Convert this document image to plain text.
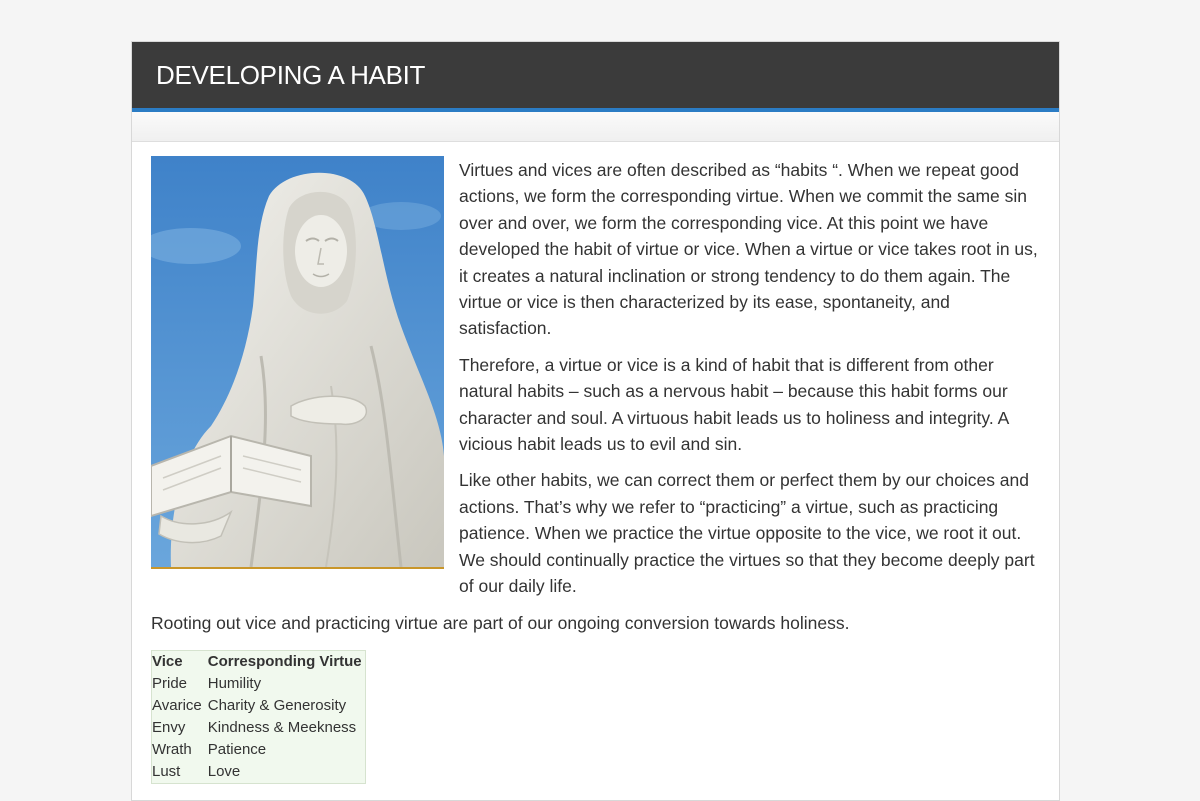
DEVELOPING A HABIT

Virtues and vices are often described as “habits “. When we repeat good actions, we form the corresponding virtue. When we commit the same sin over and over, we form the corresponding vice. At this point we have developed the habit of virtue or vice. When a virtue or vice takes root in us, it creates a natural inclination or strong tendency to do them again. The virtue or vice is then characterized by its ease, spontaneity, and satisfaction.

Therefore, a virtue or vice is a kind of habit that is different from other natural habits – such as a nervous habit – because this habit forms our character and soul. A virtuous habit leads us to holiness and integrity. A vicious habit leads us to evil and sin.

Like other habits, we can correct them or perfect them by our choices and actions. That’s why we refer to “practicing” a virtue, such as practicing patience. When we practice the virtue opposite to the vice, we root it out. We should continually practice the virtues so that they become deeply part of our daily life.

Rooting out vice and practicing virtue are part of our ongoing conversion towards holiness.

Vice	Corresponding Virtue
Pride	Humility
Avarice	Charity & Generosity
Envy	Kindness & Meekness
Wrath	Patience
Lust	Love
